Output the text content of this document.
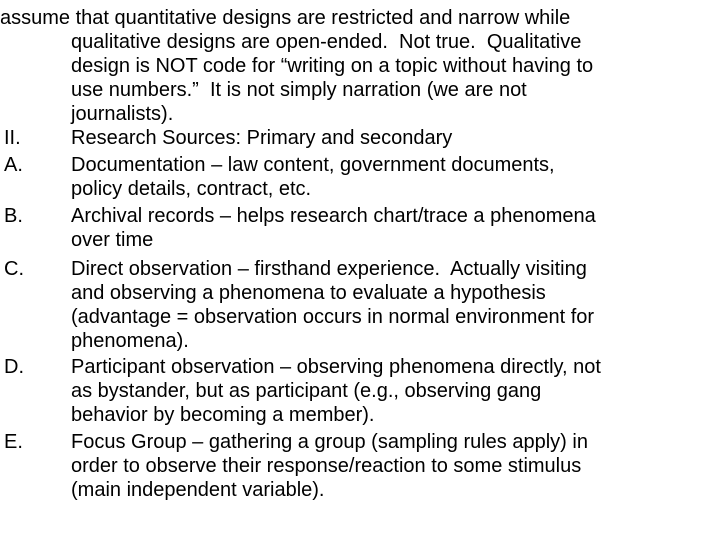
assume that quantitative designs are restricted and narrow while
qualitative designs are open-ended.  Not true.  Qualitative
design is NOT code for “writing on a topic without having to
use numbers.”  It is not simply narration (we are not
journalists).
II.	Research Sources: Primary and secondary
A. Documentation – law content, government documents,
policy details, contract, etc.
B. Archival records – helps research chart/trace a phenomena
over time
C. Direct observation – firsthand experience.  Actually visiting
and observing a phenomena to evaluate a hypothesis
(advantage = observation occurs in normal environment for
phenomena).
D. Participant observation – observing phenomena directly, not
as bystander, but as participant (e.g., observing gang
behavior by becoming a member).
E. Focus Group – gathering a group (sampling rules apply) in
order to observe their response/reaction to some stimulus
(main independent variable).
